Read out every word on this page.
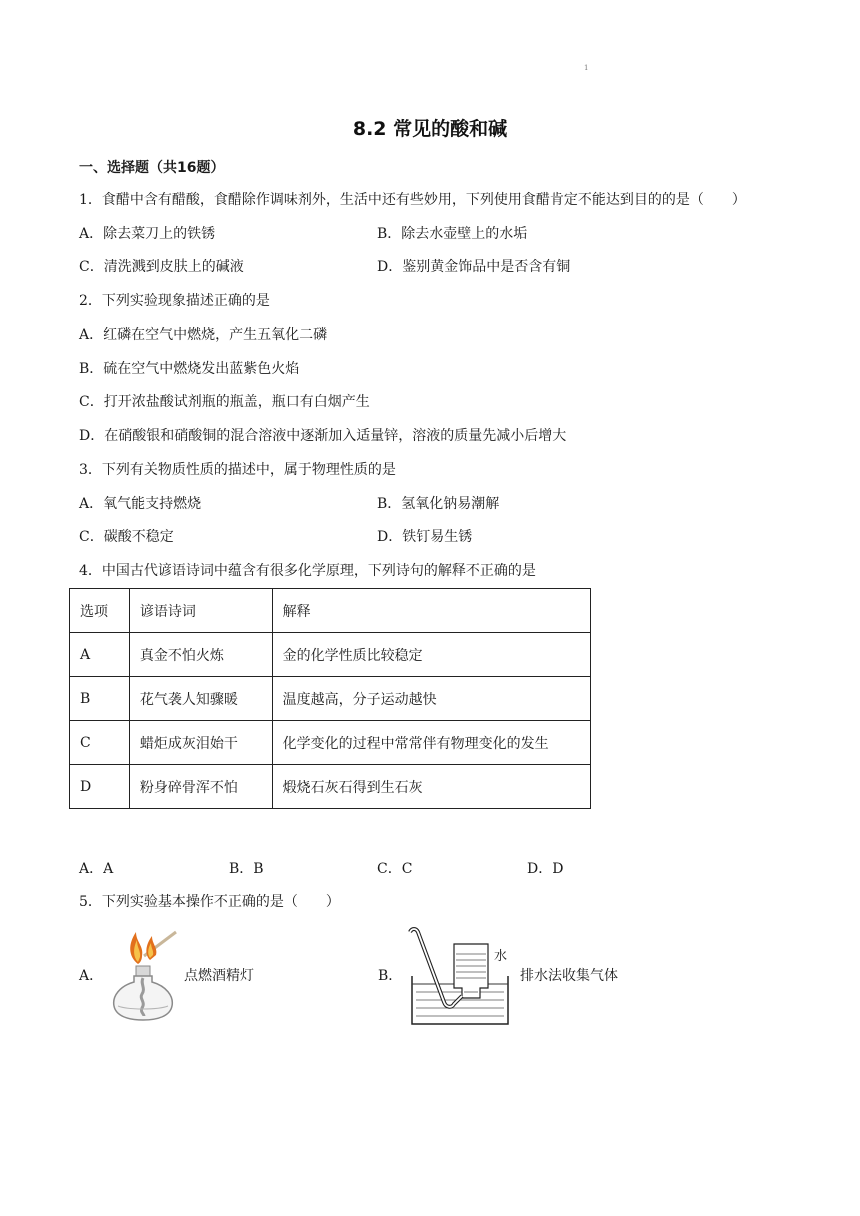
1
8.2 常见的酸和碱
一、选择题（共16题）
1．食醋中含有醋酸，食醋除作调味剂外，生活中还有些妙用，下列使用食醋肯定不能达到目的的是（　　）
A．除去菜刀上的铁锈	B．除去水壶壁上的水垢
C．清洗溅到皮肤上的碱液	D．鉴别黄金饰品中是否含有铜
2．下列实验现象描述正确的是
A．红磷在空气中燃烧，产生五氧化二磷
B．硫在空气中燃烧发出蓝紫色火焰
C．打开浓盐酸试剂瓶的瓶盖，瓶口有白烟产生
D．在硝酸银和硝酸铜的混合溶液中逐渐加入适量锌，溶液的质量先减小后增大
3．下列有关物质性质的描述中，属于物理性质的是
A．氧气能支持燃烧	B．氢氧化钠易潮解
C．碳酸不稳定	D．铁钉易生锈
4．中国古代谚语诗词中蕴含有很多化学原理，下列诗句的解释不正确的是
选项	谚语诗词	解释
A	真金不怕火炼	金的化学性质比较稳定
B	花气袭人知骤暖	温度越高，分子运动越快
C	蜡炬成灰泪始干	化学变化的过程中常常伴有物理变化的发生
D	粉身碎骨浑不怕	煅烧石灰石得到生石灰
A．A	B．B	C．C	D．D
5．下列实验基本操作不正确的是（　　）
A．	点燃酒精灯	B．
水
排水法收集气体
